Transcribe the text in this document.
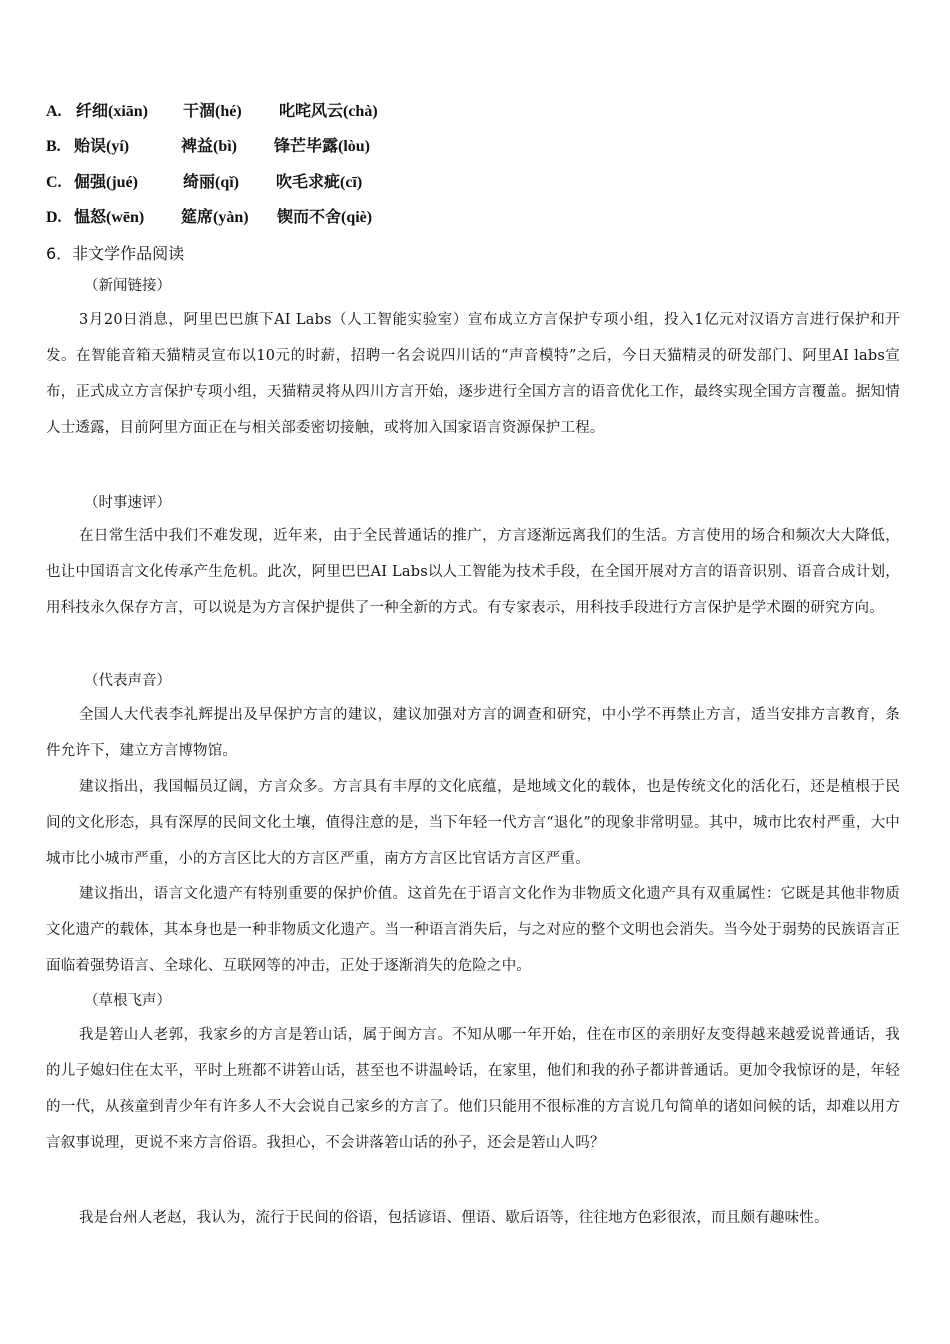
A. 纤细(xiān) 干涸(hé) 叱咤风云(chà)
B. 贻误(yí)	裨益(bì) 锋芒毕露(lòu)
C. 倔强(jué)	绮丽(qǐ) 吹毛求疵(cī)
D. 愠怒(wēn) 筵席(yàn) 锲而不舍(qiè)
6．非文学作品阅读
（新闻链接）
3月20日消息，阿里巴巴旗下AI Labs（人工智能实验室）宣布成立方言保护专项小组，投入1亿元对汉语方言进行保护和开发。在智能音箱天猫精灵宣布以10元的时薪，招聘一名会说四川话的“声音模特”之后，今日天猫精灵的研发部门、阿里AI labs宣布，正式成立方言保护专项小组，天猫精灵将从四川方言开始，逐步进行全国方言的语音优化工作，最终实现全国方言覆盖。据知情人士透露，目前阿里方面正在与相关部委密切接触，或将加入国家语言资源保护工程。
（时事速评）
在日常生活中我们不难发现，近年来，由于全民普通话的推广，方言逐渐远离我们的生活。方言使用的场合和频次大大降低，也让中国语言文化传承产生危机。此次，阿里巴巴AI Labs以人工智能为技术手段，在全国开展对方言的语音识别、语音合成计划，用科技永久保存方言，可以说是为方言保护提供了一种全新的方式。有专家表示，用科技手段进行方言保护是学术圈的研究方向。
（代表声音）
全国人大代表李礼辉提出及早保护方言的建议，建议加强对方言的调查和研究，中小学不再禁止方言，适当安排方言教育，条件允许下，建立方言博物馆。
建议指出，我国幅员辽阔，方言众多。方言具有丰厚的文化底蕴，是地域文化的载体，也是传统文化的活化石，还是植根于民间的文化形态，具有深厚的民间文化土壤，值得注意的是，当下年轻一代方言“退化”的现象非常明显。其中，城市比农村严重，大中城市比小城市严重，小的方言区比大的方言区严重，南方方言区比官话方言区严重。
建议指出，语言文化遗产有特别重要的保护价值。这首先在于语言文化作为非物质文化遗产具有双重属性：它既是其他非物质文化遗产的载体，其本身也是一种非物质文化遗产。当一种语言消失后，与之对应的整个文明也会消失。当今处于弱势的民族语言正面临着强势语言、全球化、互联网等的冲击，正处于逐渐消失的危险之中。
（草根飞声）
我是箬山人老郭，我家乡的方言是箬山话，属于闽方言。不知从哪一年开始，住在市区的亲朋好友变得越来越爱说普通话，我的儿子媳妇住在太平，平时上班都不讲箬山话，甚至也不讲温岭话，在家里，他们和我的孙子都讲普通话。更加令我惊讶的是，年轻的一代，从孩童到青少年有许多人不大会说自己家乡的方言了。他们只能用不很标准的方言说几句简单的诸如问候的话，却难以用方言叙事说理，更说不来方言俗语。我担心，不会讲落箬山话的孙子，还会是箬山人吗？
我是台州人老赵，我认为，流行于民间的俗语，包括谚语、俚语、歇后语等，往往地方色彩很浓，而且颇有趣味性。
